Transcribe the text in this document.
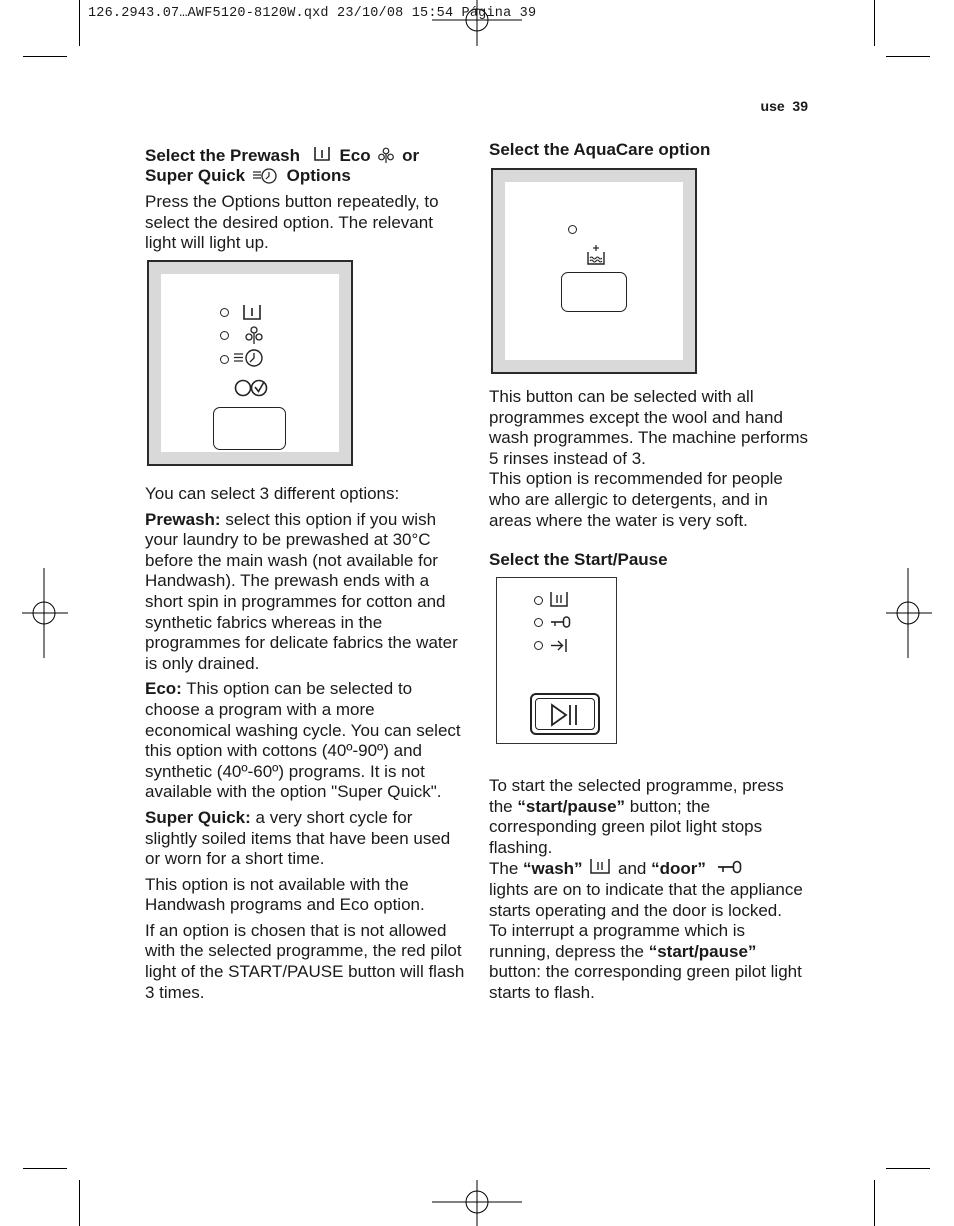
126.2943.07…AWF5120-8120W.qxd 23/10/08 15:54 Página 39
use 39
Select the Prewash Eco or
Super Quick Options

Press the Options button repeatedly, to select the desired option. The relevant light will light up.

You can select 3 different options:

Prewash: select this option if you wish your laundry to be prewashed at 30°C before the main wash (not available for Handwash). The prewash ends with a short spin in programmes for cotton and synthetic fabrics whereas in the programmes for delicate fabrics the water is only drained.

Eco: This option can be selected to choose a program with a more economical washing cycle. You can select this option with cottons (40º-90º) and synthetic (40º-60º) programs. It is not available with the option "Super Quick".

Super Quick: a very short cycle for slightly soiled items that have been used or worn for a short time.

This option is not available with the Handwash programs and Eco option.

If an option is chosen that is not allowed with the selected programme, the red pilot light of the START/PAUSE button will flash 3 times.

Select the AquaCare option

This button can be selected with all programmes except the wool and hand wash programmes. The machine performs 5 rinses instead of 3.

This option is recommended for people who are allergic to detergents, and in areas where the water is very soft.

Select the Start/Pause

To start the selected programme, press the “start/pause” button; the corresponding green pilot light stops flashing.

The “wash”  and “door”
lights are on to indicate that the appliance starts operating and the door is locked.

To interrupt a programme which is running, depress the “start/pause” button: the corresponding green pilot light starts to flash.
